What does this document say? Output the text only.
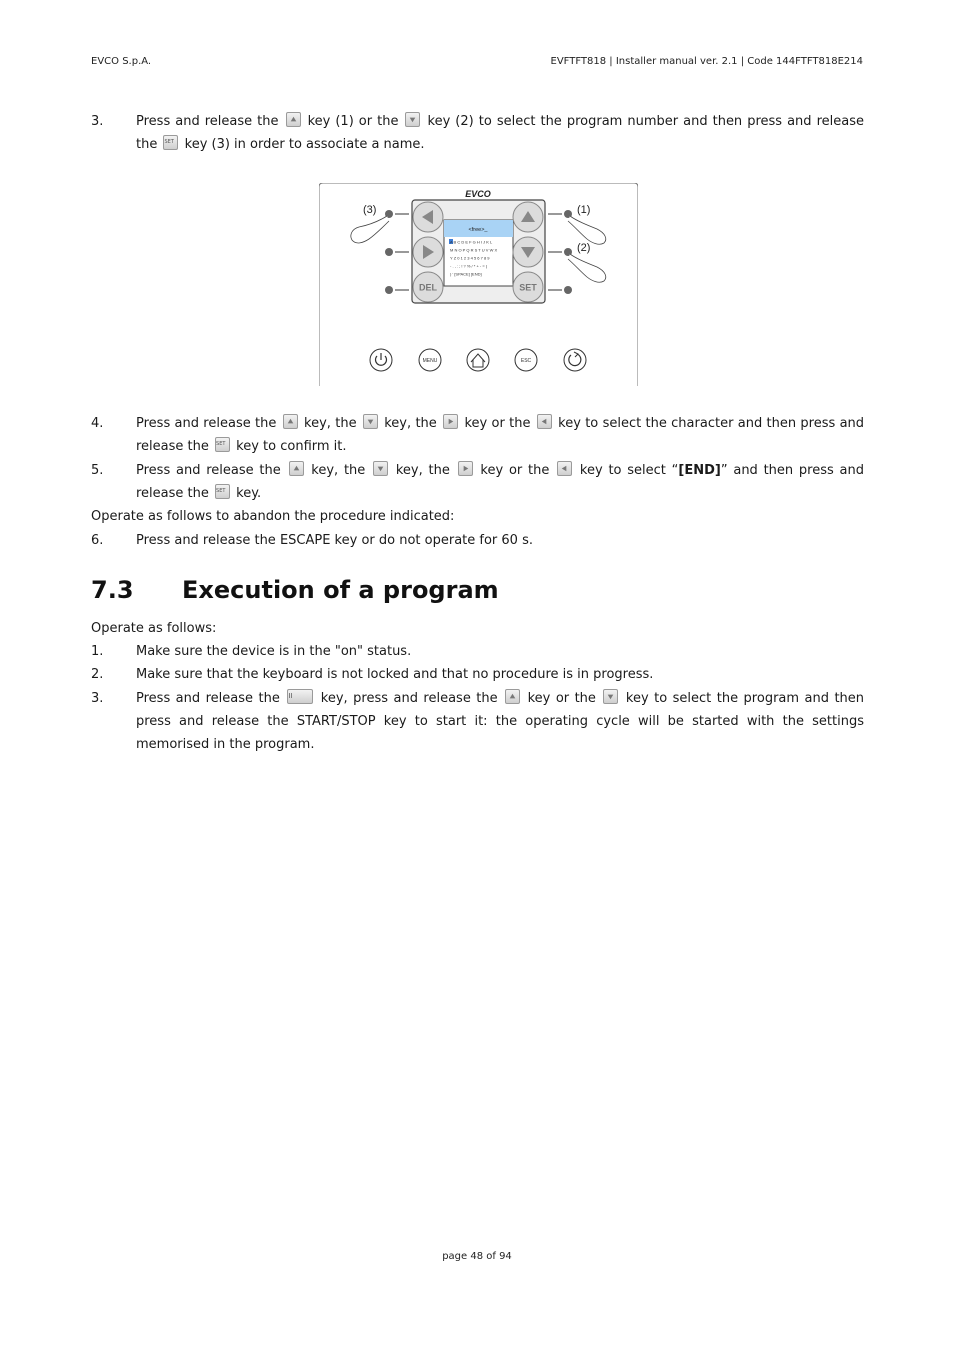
EVCO S.p.A.	EVFTFT818 | Installer manual ver. 2.1 | Code 144FTFT818E214
3.	Press and release the key (1) or the key (2) to select the program number and then press and release the SET key (3) in order to associate a name.
EVCO
<free>_
A B C D E F G H I J K L
M N O P Q R S T U V W X
Y Z 0 1 2 3 4 5 6 7 8 9
- . , : ; ! ? % / * + - = (
) ' [SPACE] [END]
DEL	SET
(3)	(1)
(2)
MENU	ESC
4.	Press and release the key, the key, the key or the key to select the character and then press and release the SET key to confirm it.
5.	Press and release the key, the key, the key or the key to select “[END]” and then press and release the SET key.
Operate as follows to abandon the procedure indicated:
6.	Press and release the ESCAPE key or do not operate for 60 s.
7.3 Execution of a program
Operate as follows:
1.	Make sure the device is in the "on" status.
2.	Make sure that the keyboard is not locked and that no procedure is in progress.
3.	Press and release the II	key, press and release the key or the key to select the program and then press and release the START/STOP key to start it: the operating cycle will be started with the settings memorised in the program.
page 48 of 94
